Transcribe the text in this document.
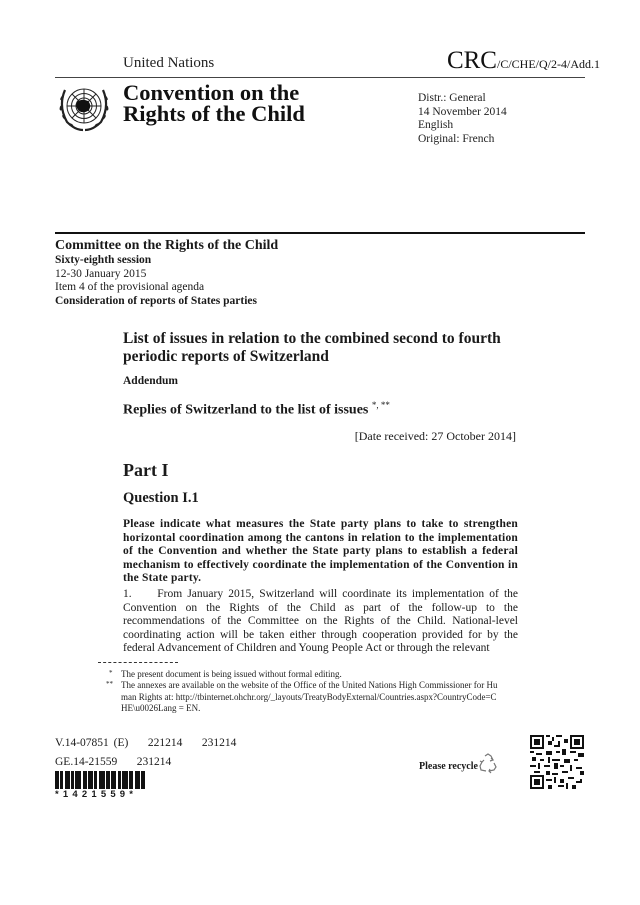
United Nations	CRC/C/CHE/Q/2-4/Add.1
Convention on the
Rights of the Child
Distr.: General
14 November 2014
English
Original: French
Committee on the Rights of the Child
Sixty-eighth session
12-30 January 2015
Item 4 of the provisional agenda
Consideration of reports of States parties
List of issues in relation to the combined second to fourth periodic reports of Switzerland
Addendum
Replies of Switzerland to the list of issues *, **
[Date received: 27 October 2014]
Part I
Question I.1
Please indicate what measures the State party plans to take to strengthen horizontal coordination among the cantons in relation to the implementation of the Convention and whether the State party plans to establish a federal mechanism to effectively coordinate the implementation of the Convention in the State party.
1. From January 2015, Switzerland will coordinate its implementation of the Convention on the Rights of the Child as part of the follow-up to the recommendations of the Committee on the Rights of the Child. National-level coordinating action will be taken either through cooperation provided for by the federal Advancement of Children and Young People Act or through the relevant
* The present document is being issued without formal editing.
** The annexes are available on the website of the Office of the United Nations High Commissioner for Human Rights at: http://tbinternet.ohchr.org/_layouts/TreatyBodyExternal/Countries.aspx?CountryCode=CHE\u0026Lang = EN.
V.14-07851 (E)    221214    231214
GE.14-21559    231214
*1421559*
Please recycle
